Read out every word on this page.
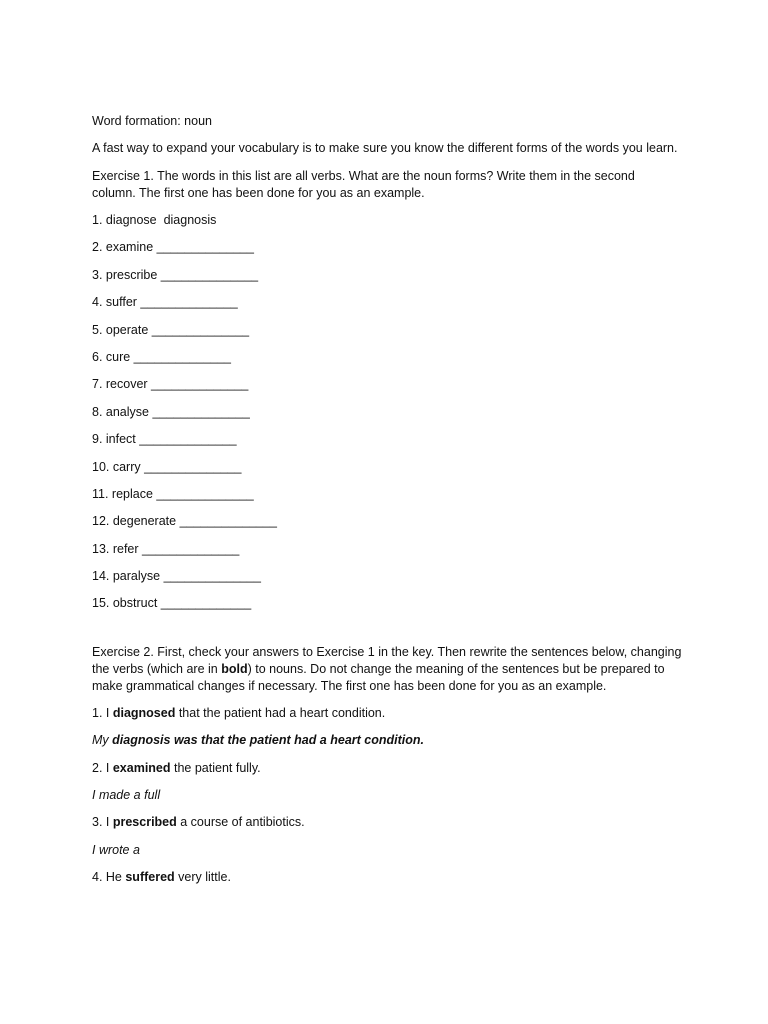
Word formation: noun

A fast way to expand your vocabulary is to make sure you know the different forms of the words you learn.

Exercise 1. The words in this list are all verbs. What are the noun forms? Write them in the second column. The first one has been done for you as an example.

1. diagnose  diagnosis
2. examine ______________
3. prescribe ______________
4. suffer ______________
5. operate ______________
6. cure ______________
7. recover ______________
8. analyse ______________
9. infect ______________
10. carry ______________
11. replace ______________
12. degenerate ______________
13. refer ______________
14. paralyse ______________
15. obstruct _____________

Exercise 2. First, check your answers to Exercise 1 in the key. Then rewrite the sentences below, changing the verbs (which are in bold) to nouns. Do not change the meaning of the sentences but be prepared to make grammatical changes if necessary. The first one has been done for you as an example.

1. I diagnosed that the patient had a heart condition.
My diagnosis was that the patient had a heart condition.
2. I examined the patient fully.
I made a full
3. I prescribed a course of antibiotics.
I wrote a
4. He suffered very little.
